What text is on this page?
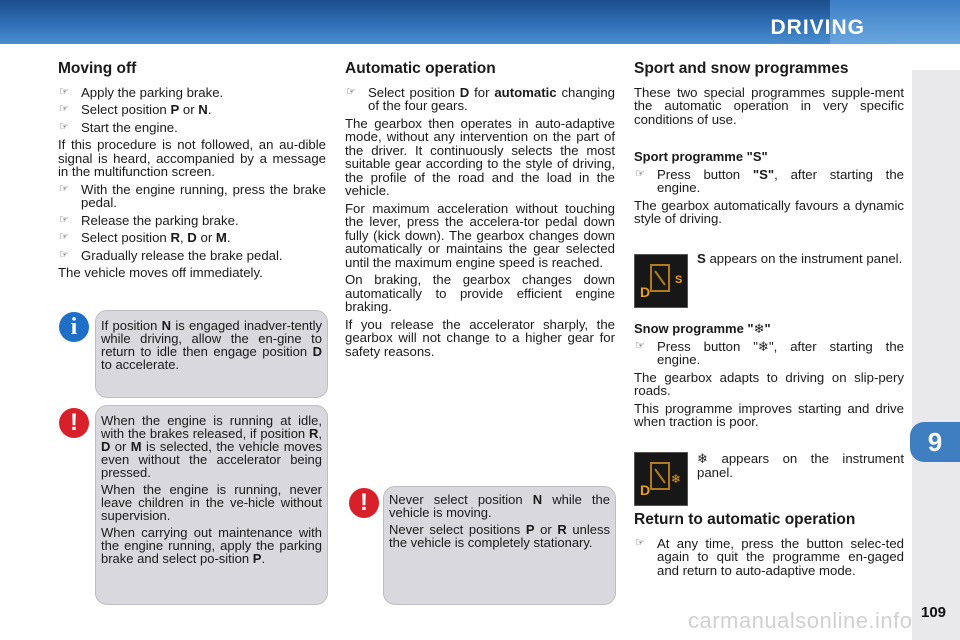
DRIVING
9
109
carmanualsonline.info
Moving off
☞ Apply the parking brake.
☞ Select position P or N.
☞ Start the engine.

If this procedure is not followed, an au-dible signal is heard, accompanied by a message in the multifunction screen.

☞ With the engine running, press the brake pedal.
☞ Release the parking brake.
☞ Select position R, D or M.
☞ Gradually release the brake pedal.

The vehicle moves off immediately.

If position N is engaged inadver-tently while driving, allow the en-gine to return to idle then engage position D to accelerate.

i

When the engine is running at idle, with the brakes released, if position R, D or M is selected, the vehicle moves even without the accelerator being pressed.

When the engine is running, never leave children in the ve-hicle without supervision.

When carrying out maintenance with the engine running, apply the parking brake and select po-sition P.

!
Automatic operation
☞ Select position D for automatic changing of the four gears.

The gearbox then operates in auto-adaptive mode, without any intervention on the part of the driver. It continuously selects the most suitable gear according to the style of driving, the profile of the road and the load in the vehicle.

For maximum acceleration without touching the lever, press the accelera-tor pedal down fully (kick down). The gearbox changes down automatically or maintains the gear selected until the maximum engine speed is reached.

On braking, the gearbox changes down automatically to provide efficient engine braking.

If you release the accelerator sharply, the gearbox will not change to a higher gear for safety reasons.

Never select position N while the vehicle is moving.

Never select positions P or R unless the vehicle is completely stationary.

!
Sport and snow programmes

These two special programmes supple-ment the automatic operation in very specific conditions of use.

Sport programme "S"
☞ Press button "S", after starting the engine.

The gearbox automatically favours a dynamic style of driving.

D
S

S appears on the instrument panel.

Snow programme "❄"
☞ Press button "❄", after starting the engine.

The gearbox adapts to driving on slip-pery roads.

This programme improves starting and drive when traction is poor.

D
❄

❄ appears on the instrument panel.

Return to automatic operation
☞ At any time, press the button selec-ted again to quit the programme en-gaged and return to auto-adaptive mode.
